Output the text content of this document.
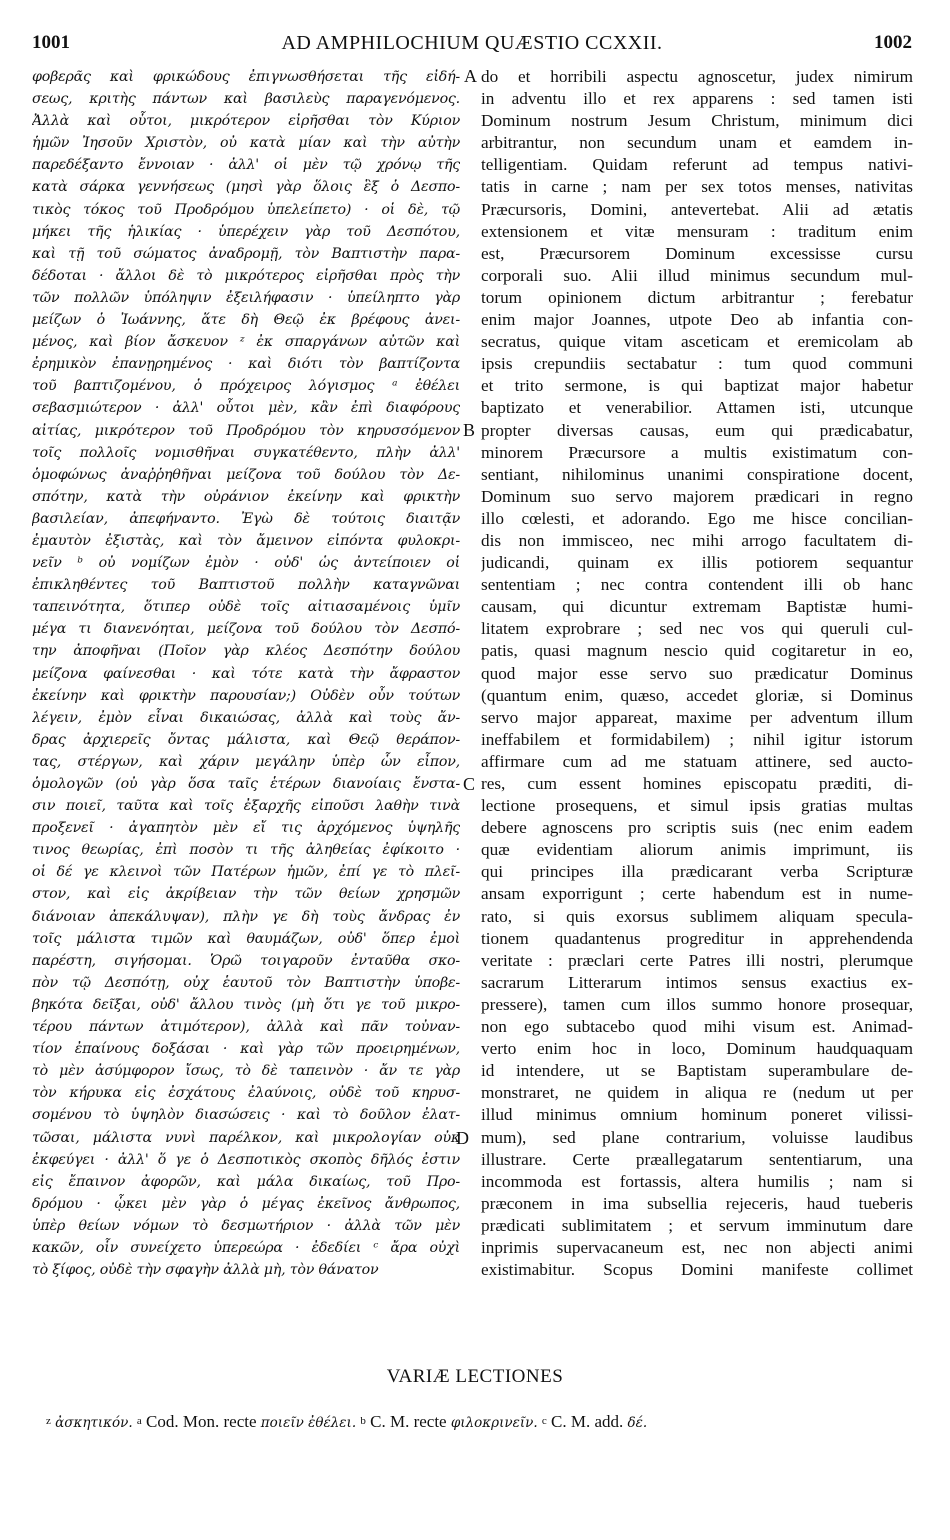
1001	AD AMPHILOCHIUM QUÆSTIO CCXXII.	1002
φοβερᾶς καὶ φρικώδους ἐπιγνωσθήσεται τῆς εἰδή-
σεως, κριτὴς πάντων καὶ βασιλεὺς παραγενόμενος.
Ἀλλὰ καὶ οὗτοι, μικρότερον εἰρῆσθαι τὸν Κύριον
ἡμῶν Ἰησοῦν Χριστὸν, οὐ κατὰ μίαν καὶ τὴν αὐτὴν
παρεδέξαντο ἔννοιαν · ἀλλ' οἱ μὲν τῷ χρόνῳ τῆς
κατὰ σάρκα γεννήσεως (μησὶ γὰρ ὅλοις ἓξ ὁ Δεσπο-
τικὸς τόκος τοῦ Προδρόμου ὑπελείπετο) · οἱ δὲ, τῷ
μήκει τῆς ἡλικίας · ὑπερέχειν γὰρ τοῦ Δεσπότου,
καὶ τῇ τοῦ σώματος ἀναδρομῇ, τὸν Βαπτιστὴν παρα-
δέδοται · ἄλλοι δὲ τὸ μικρότερος εἰρῆσθαι πρὸς τὴν
τῶν πολλῶν ὑπόληψιν ἐξειλήφασιν · ὑπείληπτο γὰρ
μείζων ὁ Ἰωάννης, ἅτε δὴ Θεῷ ἐκ βρέφους ἀνει-
μένος, καὶ βίον ἄσκευον ᶻ ἐκ σπαργάνων αὐτῶν καὶ
ἐρημικὸν ἐπανῃρημένος · καὶ διότι τὸν βαπτίζοντα
τοῦ βαπτιζομένου, ὁ πρόχειρος λόγισμος ᵃ ἐθέλει
σεβασμιώτερον · ἀλλ' οὗτοι μὲν, κἂν ἐπὶ διαφόρους
αἰτίας, μικρότερον τοῦ Προδρόμου τὸν κηρυσσόμενον
τοῖς πολλοῖς νομισθῆναι συγκατέθεντο, πλὴν ἀλλ'
ὁμοφώνως ἀναῤῥηθῆναι μείζονα τοῦ δούλου τὸν Δε-
σπότην, κατὰ τὴν οὐράνιον ἐκείνην καὶ φρικτὴν
βασιλείαν, ἀπεφήναντο. Ἐγὼ δὲ τούτοις διαιτᾷν
ἐμαυτὸν ἐξιστὰς, καὶ τὸν ἄμεινον εἰπόντα φυλοκρι-
νεῖν ᵇ οὐ νομίζων ἐμὸν · οὐδ' ὡς ἀντείποιεν οἱ
ἐπικληθέντες τοῦ Βαπτιστοῦ πολλὴν καταγνῶναι
ταπεινότητα, ὅτιπερ οὐδὲ τοῖς αἰτιασαμένοις ὑμῖν
μέγα τι διανενόηται, μείζονα τοῦ δούλου τὸν Δεσπό-
την ἀποφῆναι (Ποῖον γὰρ κλέος Δεσπότην δούλου
μείζονα φαίνεσθαι · καὶ τότε κατὰ τὴν ἄφραστον
ἐκείνην καὶ φρικτὴν παρουσίαν;) Οὐδὲν οὖν τούτων
λέγειν, ἐμὸν εἶναι δικαιώσας, ἀλλὰ καὶ τοὺς ἄν-
δρας ἀρχιερεῖς ὄντας μάλιστα, καὶ Θεῷ θεράπον-
τας, στέργων, καὶ χάριν μεγάλην ὑπὲρ ὧν εἶπον,
ὁμολογῶν (οὐ γὰρ ὅσα ταῖς ἑτέρων διανοίαις ἔνστα-
σιν ποιεῖ, ταῦτα καὶ τοῖς ἐξαρχῆς εἰποῦσι λαθὴν τινὰ
προξενεῖ · ἀγαπητὸν μὲν εἴ τις ἀρχόμενος ὑψηλῆς
τινος θεωρίας, ἐπὶ ποσὸν τι τῆς ἀληθείας ἐφίκοιτο ·
οἱ δέ γε κλεινοὶ τῶν Πατέρων ἡμῶν, ἐπί γε τὸ πλεῖ-
στον, καὶ εἰς ἀκρίβειαν τὴν τῶν θείων χρησμῶν
διάνοιαν ἀπεκάλυψαν), πλὴν γε δὴ τοὺς ἄνδρας ἐν
τοῖς μάλιστα τιμῶν καὶ θαυμάζων, οὐδ' ὅπερ ἐμοὶ
παρέστη, σιγήσομαι. Ὁρῶ τοιγαροῦν ἐνταῦθα σκο-
πὸν τῷ Δεσπότῃ, οὐχ ἑαυτοῦ τὸν Βαπτιστὴν ὑποβε-
βηκότα δεῖξαι, οὐδ' ἄλλου τινὸς (μὴ ὅτι γε τοῦ μικρο-
τέρου πάντων ἀτιμότερον), ἀλλὰ καὶ πᾶν τοὐναν-
τίον ἐπαίνους δοξάσαι · καὶ γὰρ τῶν προειρημένων,
τὸ μὲν ἀσύμφορον ἴσως, τὸ δὲ ταπεινὸν · ἄν τε γὰρ
τὸν κήρυκα εἰς ἐσχάτους ἐλαύνοις, οὐδὲ τοῦ κηρυσ-
σομένου τὸ ὑψηλὸν διασώσεις · καὶ τὸ δοῦλον ἐλατ-
τῶσαι, μάλιστα νυνὶ παρέλκον, καὶ μικρολογίαν οὐκ
ἐκφεύγει · ἀλλ' ὅ γε ὁ Δεσποτικὸς σκοπὸς δῆλός ἐστιν
εἰς ἔπαινον ἀφορῶν, καὶ μάλα δικαίως, τοῦ Προ-
δρόμου · ᾧκει μὲν γὰρ ὁ μέγας ἐκεῖνος ἄνθρωπος,
ὑπὲρ θείων νόμων τὸ δεσμωτήριον · ἀλλὰ τῶν μὲν
κακῶν, οἷν συνείχετο ὑπερεώρα · ἐδεδίει ᶜ ἄρα οὐχὶ
τὸ ξίφος, οὐδὲ τὴν σφαγὴν ἀλλὰ μὴ, τὸν θάνατον
do et horribili aspectu agnoscetur, judex nimirum
in adventu illo et rex apparens : sed tamen isti
Dominum nostrum Jesum Christum, minimum dici
arbitrantur, non secundum unam et eamdem in-
telligentiam. Quidam referunt ad tempus nativi-
tatis in carne ; nam per sex totos menses, nativitas
Præcursoris, Domini, antevertebat. Alii ad ætatis
extensionem et vitæ mensuram : traditum enim
est, Præcursorem Dominum excessisse cursu
corporali suo. Alii illud minimus secundum mul-
torum opinionem dictum arbitrantur ; ferebatur
enim major Joannes, utpote Deo ab infantia con-
secratus, quique vitam asceticam et eremicolam ab
ipsis crepundiis sectabatur : tum quod communi
et trito sermone, is qui baptizat major habetur
baptizato et venerabilior. Attamen isti, utcunque
propter diversas causas, eum qui prædicabatur,
minorem Præcursore a multis existimatum con-
sentiant, nihilominus unanimi conspiratione docent,
Dominum suo servo majorem prædicari in regno
illo cœlesti, et adorando. Ego me hisce concilian-
dis non immisceo, nec mihi arrogo facultatem di-
judicandi, quinam ex illis potiorem sequantur
sententiam ; nec contra contendent illi ob hanc
causam, qui dicuntur extremam Baptistæ humi-
litatem exprobrare ; sed nec vos qui queruli cul-
patis, quasi magnum nescio quid cogitaretur in eo,
quod major esse servo suo prædicatur Dominus
(quantum enim, quæso, accedet gloriæ, si Dominus
servo major appareat, maxime per adventum illum
ineffabilem et formidabilem) ; nihil igitur istorum
affirmare cum ad me statuam attinere, sed aucto-
res, cum essent homines episcopatu præditi, di-
lectione prosequens, et simul ipsis gratias multas
debere agnoscens pro scriptis suis (nec enim eadem
quæ evidentiam aliorum animis imprimunt, iis
qui principes illa prædicarant verba Scripturæ
ansam exporrigunt ; certe habendum est in nume-
rato, si quis exorsus sublimem aliquam specula-
tionem quadantenus progreditur in apprehendenda
veritate : præclari certe Patres illi nostri, plerumque
sacrarum Litterarum intimos sensus exactius ex-
pressere), tamen cum illos summo honore prosequar,
non ego subtacebo quod mihi visum est. Animad-
verto enim hoc in loco, Dominum haudquaquam
id intendere, ut se Baptistam superambulare de-
monstraret, ne quidem in aliqua re (nedum ut per
illud minimus omnium hominum poneret vilissi-
mum), sed plane contrarium, voluisse laudibus
illustrare. Certe præallegatarum sententiarum, una
incommoda est fortassis, altera humilis ; nam si
præconem in ima subsellia rejeceris, haud tueberis
prædicati sublimitatem ; et servum imminutum dare
inprimis supervacaneum est, nec non abjecti animi
existimabitur. Scopus Domini manifeste collimet
A
B
C
D
VARIÆ LECTIONES
$^z$ ἀσκητικόν. $^a$ Cod. Mon. recte ποιεῖν ἐθέλει. $^b$ C. M. recte φιλοκρινεῖν. $^c$ C. M. add. δέ.
